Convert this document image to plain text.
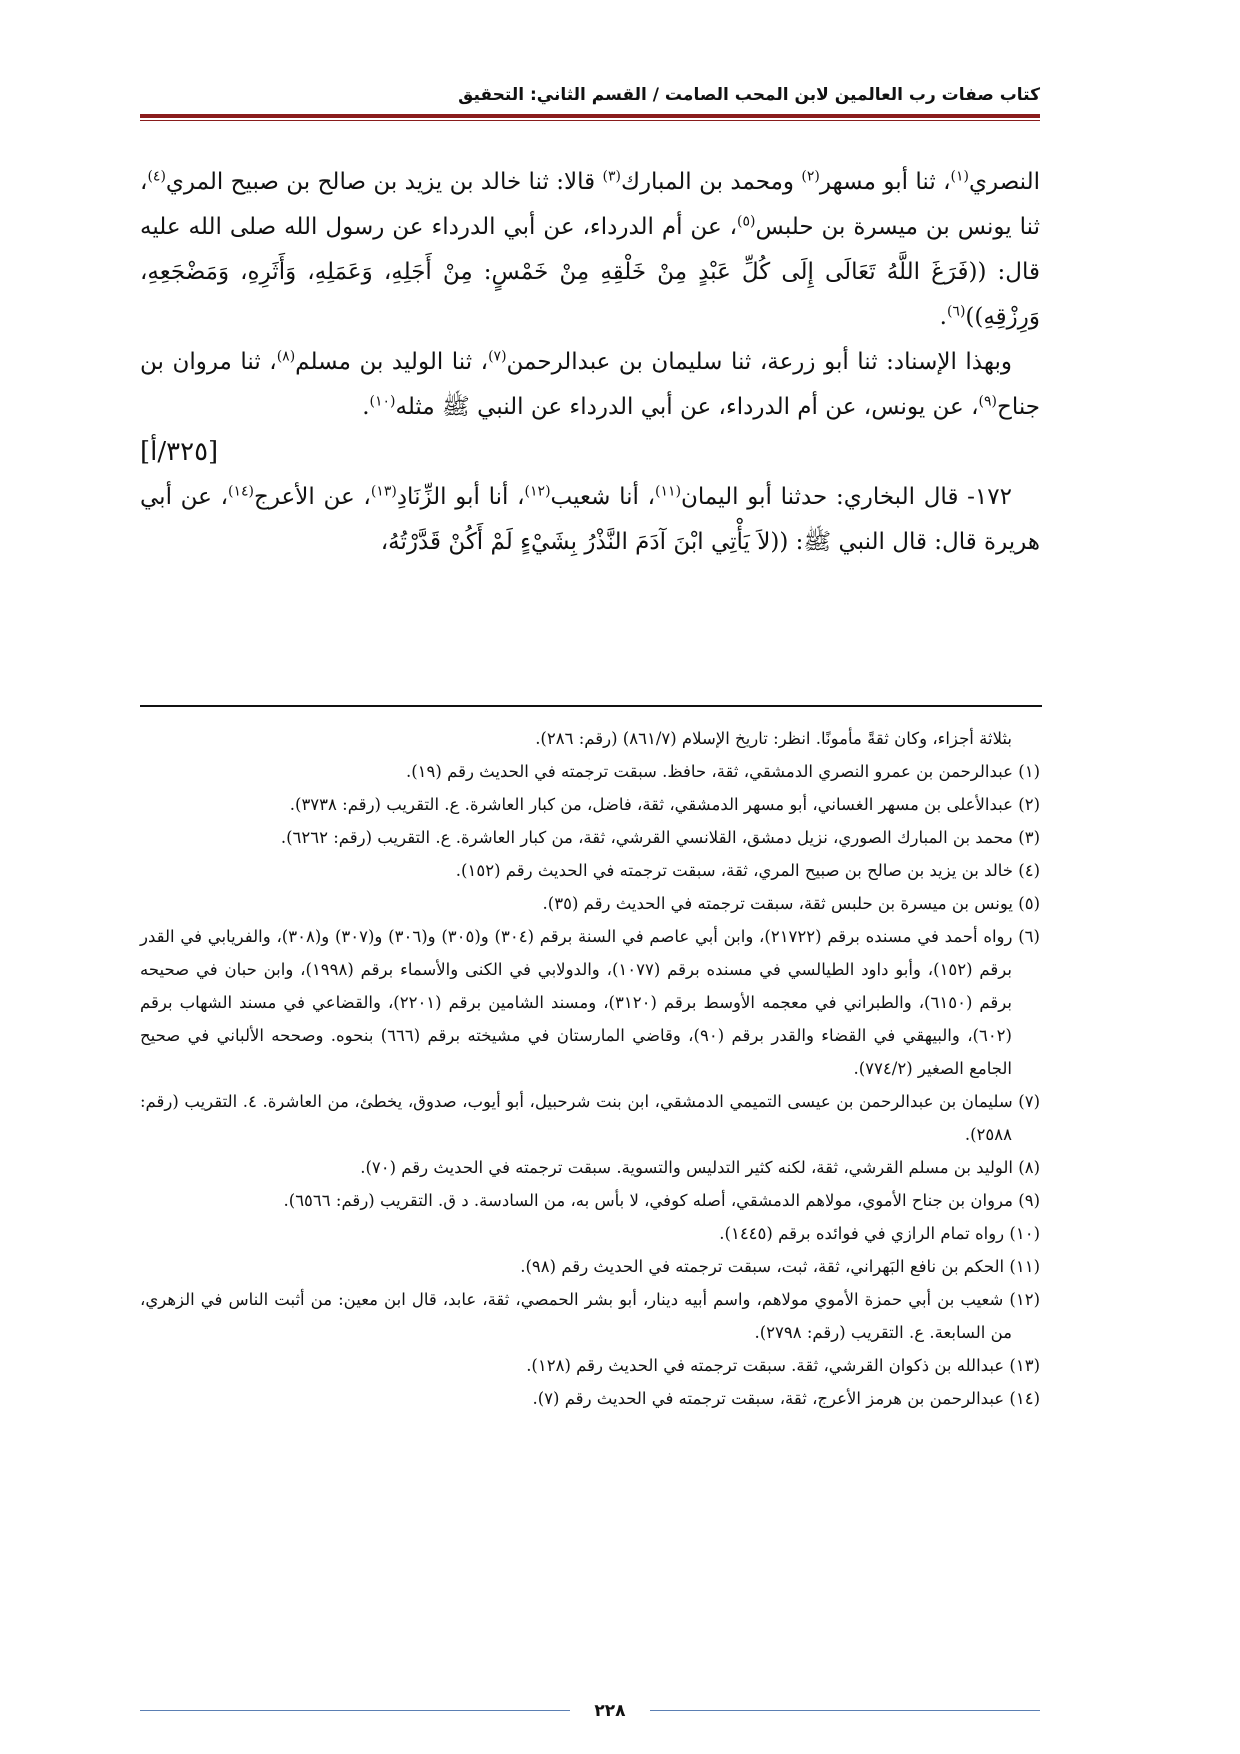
كتاب صفات رب العالمين لابن المحب الصامت / القسم الثاني: التحقيق

النصري$^{(١)}$، ثنا أبو مسهر$^{(٢)}$ ومحمد بن المبارك$^{(٣)}$ قالا: ثنا خالد بن يزيد بن صالح بن صبيح المري$^{(٤)}$، ثنا يونس بن ميسرة بن حلبس$^{(٥)}$، عن أم الدرداء، عن أبي الدرداء عن رسول الله صلى الله عليه قال: ((فَرَغَ اللَّهُ تَعَالَى إِلَى كُلِّ عَبْدٍ مِنْ خَلْقِهِ مِنْ خَمْسٍ: مِنْ أَجَلِهِ، وَعَمَلِهِ، وَأَثَرِهِ، وَمَضْجَعِهِ، وَرِزْقِهِ))$^{(٦)}$.

وبهذا الإسناد: ثنا أبو زرعة، ثنا سليمان بن عبدالرحمن$^{(٧)}$، ثنا الوليد بن مسلم$^{(٨)}$، ثنا مروان بن جناح$^{(٩)}$، عن يونس، عن أم الدرداء، عن أبي الدرداء عن النبي ﷺ مثله$^{(١٠)}$.

[٣٢٥/أ]

١٧٢- قال البخاري: حدثنا أبو اليمان$^{(١١)}$، أنا شعيب$^{(١٢)}$، أنا أبو الزِّنَادِ$^{(١٣)}$، عن الأعرج$^{(١٤)}$، عن أبي هريرة قال: قال النبي ﷺ: ((لاَ يَأْتِي ابْنَ آدَمَ النَّذْرُ بِشَيْءٍ لَمْ أَكُنْ قَدَّرْتُهُ،

بثلاثة أجزاء، وكان ثقةً مأمونًا. انظر: تاريخ الإسلام (٨٦١/٧) (رقم: ٢٨٦).

(١) عبدالرحمن بن عمرو النصري الدمشقي، ثقة، حافظ. سبقت ترجمته في الحديث رقم (١٩).

(٢) عبدالأعلى بن مسهر الغساني، أبو مسهر الدمشقي، ثقة، فاضل، من كبار العاشرة. ع. التقريب (رقم: ٣٧٣٨).

(٣) محمد بن المبارك الصوري، نزيل دمشق، القلانسي القرشي، ثقة، من كبار العاشرة. ع. التقريب (رقم: ٦٢٦٢).

(٤) خالد بن يزيد بن صالح بن صبيح المري، ثقة، سبقت ترجمته في الحديث رقم (١٥٢).

(٥) يونس بن ميسرة بن حلبس ثقة، سبقت ترجمته في الحديث رقم (٣٥).

(٦) رواه أحمد في مسنده برقم (٢١٧٢٢)، وابن أبي عاصم في السنة برقم (٣٠٤) و(٣٠٥) و(٣٠٦) و(٣٠٧) و(٣٠٨)، والفريابي في القدر برقم (١٥٢)، وأبو داود الطيالسي في مسنده برقم (١٠٧٧)، والدولابي في الكنى والأسماء برقم (١٩٩٨)، وابن حبان في صحيحه برقم (٦١٥٠)، والطبراني في معجمه الأوسط برقم (٣١٢٠)، ومسند الشامين برقم (٢٢٠١)، والقضاعي في مسند الشهاب برقم (٦٠٢)، والبيهقي في القضاء والقدر برقم (٩٠)، وقاضي المارستان في مشيخته برقم (٦٦٦) بنحوه. وصححه الألباني في صحيح الجامع الصغير (٧٧٤/٢).

(٧) سليمان بن عبدالرحمن بن عيسى التميمي الدمشقي، ابن بنت شرحبيل، أبو أيوب، صدوق، يخطئ، من العاشرة. ٤. التقريب (رقم: ٢٥٨٨).

(٨) الوليد بن مسلم القرشي، ثقة، لكنه كثير التدليس والتسوية. سبقت ترجمته في الحديث رقم (٧٠).

(٩) مروان بن جناح الأموي، مولاهم الدمشقي، أصله كوفي، لا بأس به، من السادسة. د ق. التقريب (رقم: ٦٥٦٦).

(١٠) رواه تمام الرازي في فوائده برقم (١٤٤٥).

(١١) الحكم بن نافع البَهراني، ثقة، ثبت، سبقت ترجمته في الحديث رقم (٩٨).

(١٢) شعيب بن أبي حمزة الأموي مولاهم، واسم أبيه دينار، أبو بشر الحمصي، ثقة، عابد، قال ابن معين: من أثبت الناس في الزهري، من السابعة. ع. التقريب (رقم: ٢٧٩٨).

(١٣) عبدالله بن ذكوان القرشي، ثقة. سبقت ترجمته في الحديث رقم (١٢٨).

(١٤) عبدالرحمن بن هرمز الأعرج، ثقة، سبقت ترجمته في الحديث رقم (٧).

٢٢٨
